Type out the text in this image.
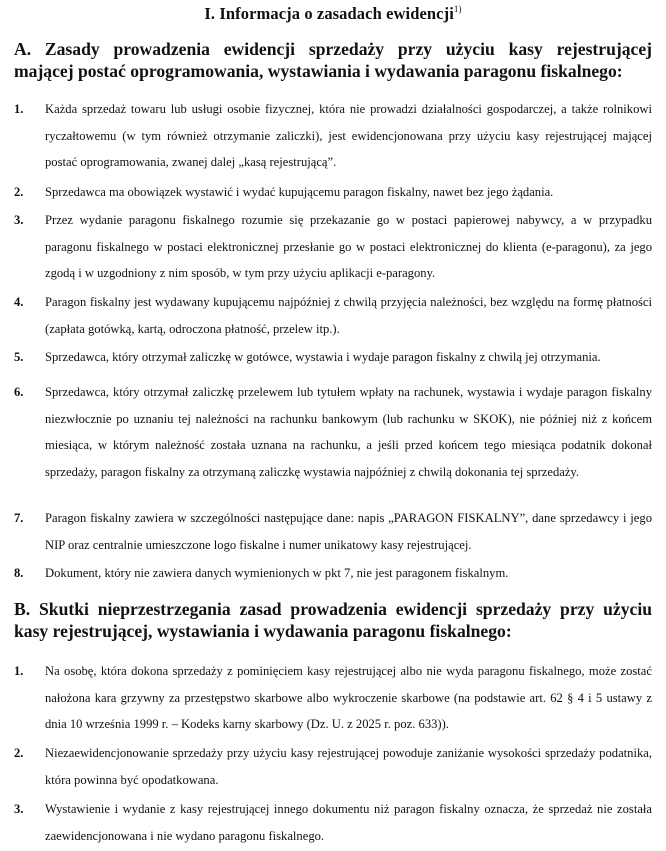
I. Informacja o zasadach ewidencji$^{1)}$
A. Zasady prowadzenia ewidencji sprzedaży przy użyciu kasy rejestrującej
mającej postać oprogramowania, wystawiania i wydawania paragonu fiskalnego:
1.	Każda sprzedaż towaru lub usługi osobie fizycznej, która nie prowadzi działalności gospodarczej, a także rolnikowi ryczałtowemu (w tym również otrzymanie zaliczki), jest ewidencjonowana przy użyciu kasy rejestrującej mającej postać oprogramowania, zwanej dalej „kasą rejestrującą”.
2.	Sprzedawca ma obowiązek wystawić i wydać kupującemu paragon fiskalny, nawet bez jego żądania.
3.	Przez wydanie paragonu fiskalnego rozumie się przekazanie go w postaci papierowej nabywcy, a w przypadku paragonu fiskalnego w postaci elektronicznej przesłanie go w postaci elektronicznej do klienta (e-paragonu), za jego zgodą i w uzgodniony z nim sposób, w tym przy użyciu aplikacji e-paragony.
4.	Paragon fiskalny jest wydawany kupującemu najpóźniej z chwilą przyjęcia należności, bez względu na formę płatności (zapłata gotówką, kartą, odroczona płatność, przelew itp.).
5.	Sprzedawca, który otrzymał zaliczkę w gotówce, wystawia i wydaje paragon fiskalny z chwilą jej otrzymania.
6.	Sprzedawca, który otrzymał zaliczkę przelewem lub tytułem wpłaty na rachunek, wystawia i wydaje paragon fiskalny niezwłocznie po uznaniu tej należności na rachunku bankowym (lub rachunku w SKOK), nie później niż z końcem miesiąca, w którym należność została uznana na rachunku, a jeśli przed końcem tego miesiąca podatnik dokonał sprzedaży, paragon fiskalny za otrzymaną zaliczkę wystawia najpóźniej z chwilą dokonania tej sprzedaży.
7.	Paragon fiskalny zawiera w szczególności następujące dane: napis „PARAGON FISKALNY”, dane sprzedawcy i jego NIP oraz centralnie umieszczone logo fiskalne i numer unikatowy kasy rejestrującej.
8.	Dokument, który nie zawiera danych wymienionych w pkt 7, nie jest paragonem fiskalnym.
B. Skutki nieprzestrzegania zasad prowadzenia ewidencji sprzedaży przy użyciu
kasy rejestrującej, wystawiania i wydawania paragonu fiskalnego:
1.	Na osobę, która dokona sprzedaży z pominięciem kasy rejestrującej albo nie wyda paragonu fiskalnego, może zostać nałożona kara grzywny za przestępstwo skarbowe albo wykroczenie skarbowe (na podstawie art. 62 § 4 i 5 ustawy z dnia 10 września 1999 r. – Kodeks karny skarbowy (Dz. U. z 2025 r. poz. 633)).
2.	Niezaewidencjonowanie sprzedaży przy użyciu kasy rejestrującej powoduje zaniżanie wysokości sprzedaży podatnika, która powinna być opodatkowana.
3.	Wystawienie i wydanie z kasy rejestrującej innego dokumentu niż paragon fiskalny oznacza, że sprzedaż nie została zaewidencjonowana i nie wydano paragonu fiskalnego.
